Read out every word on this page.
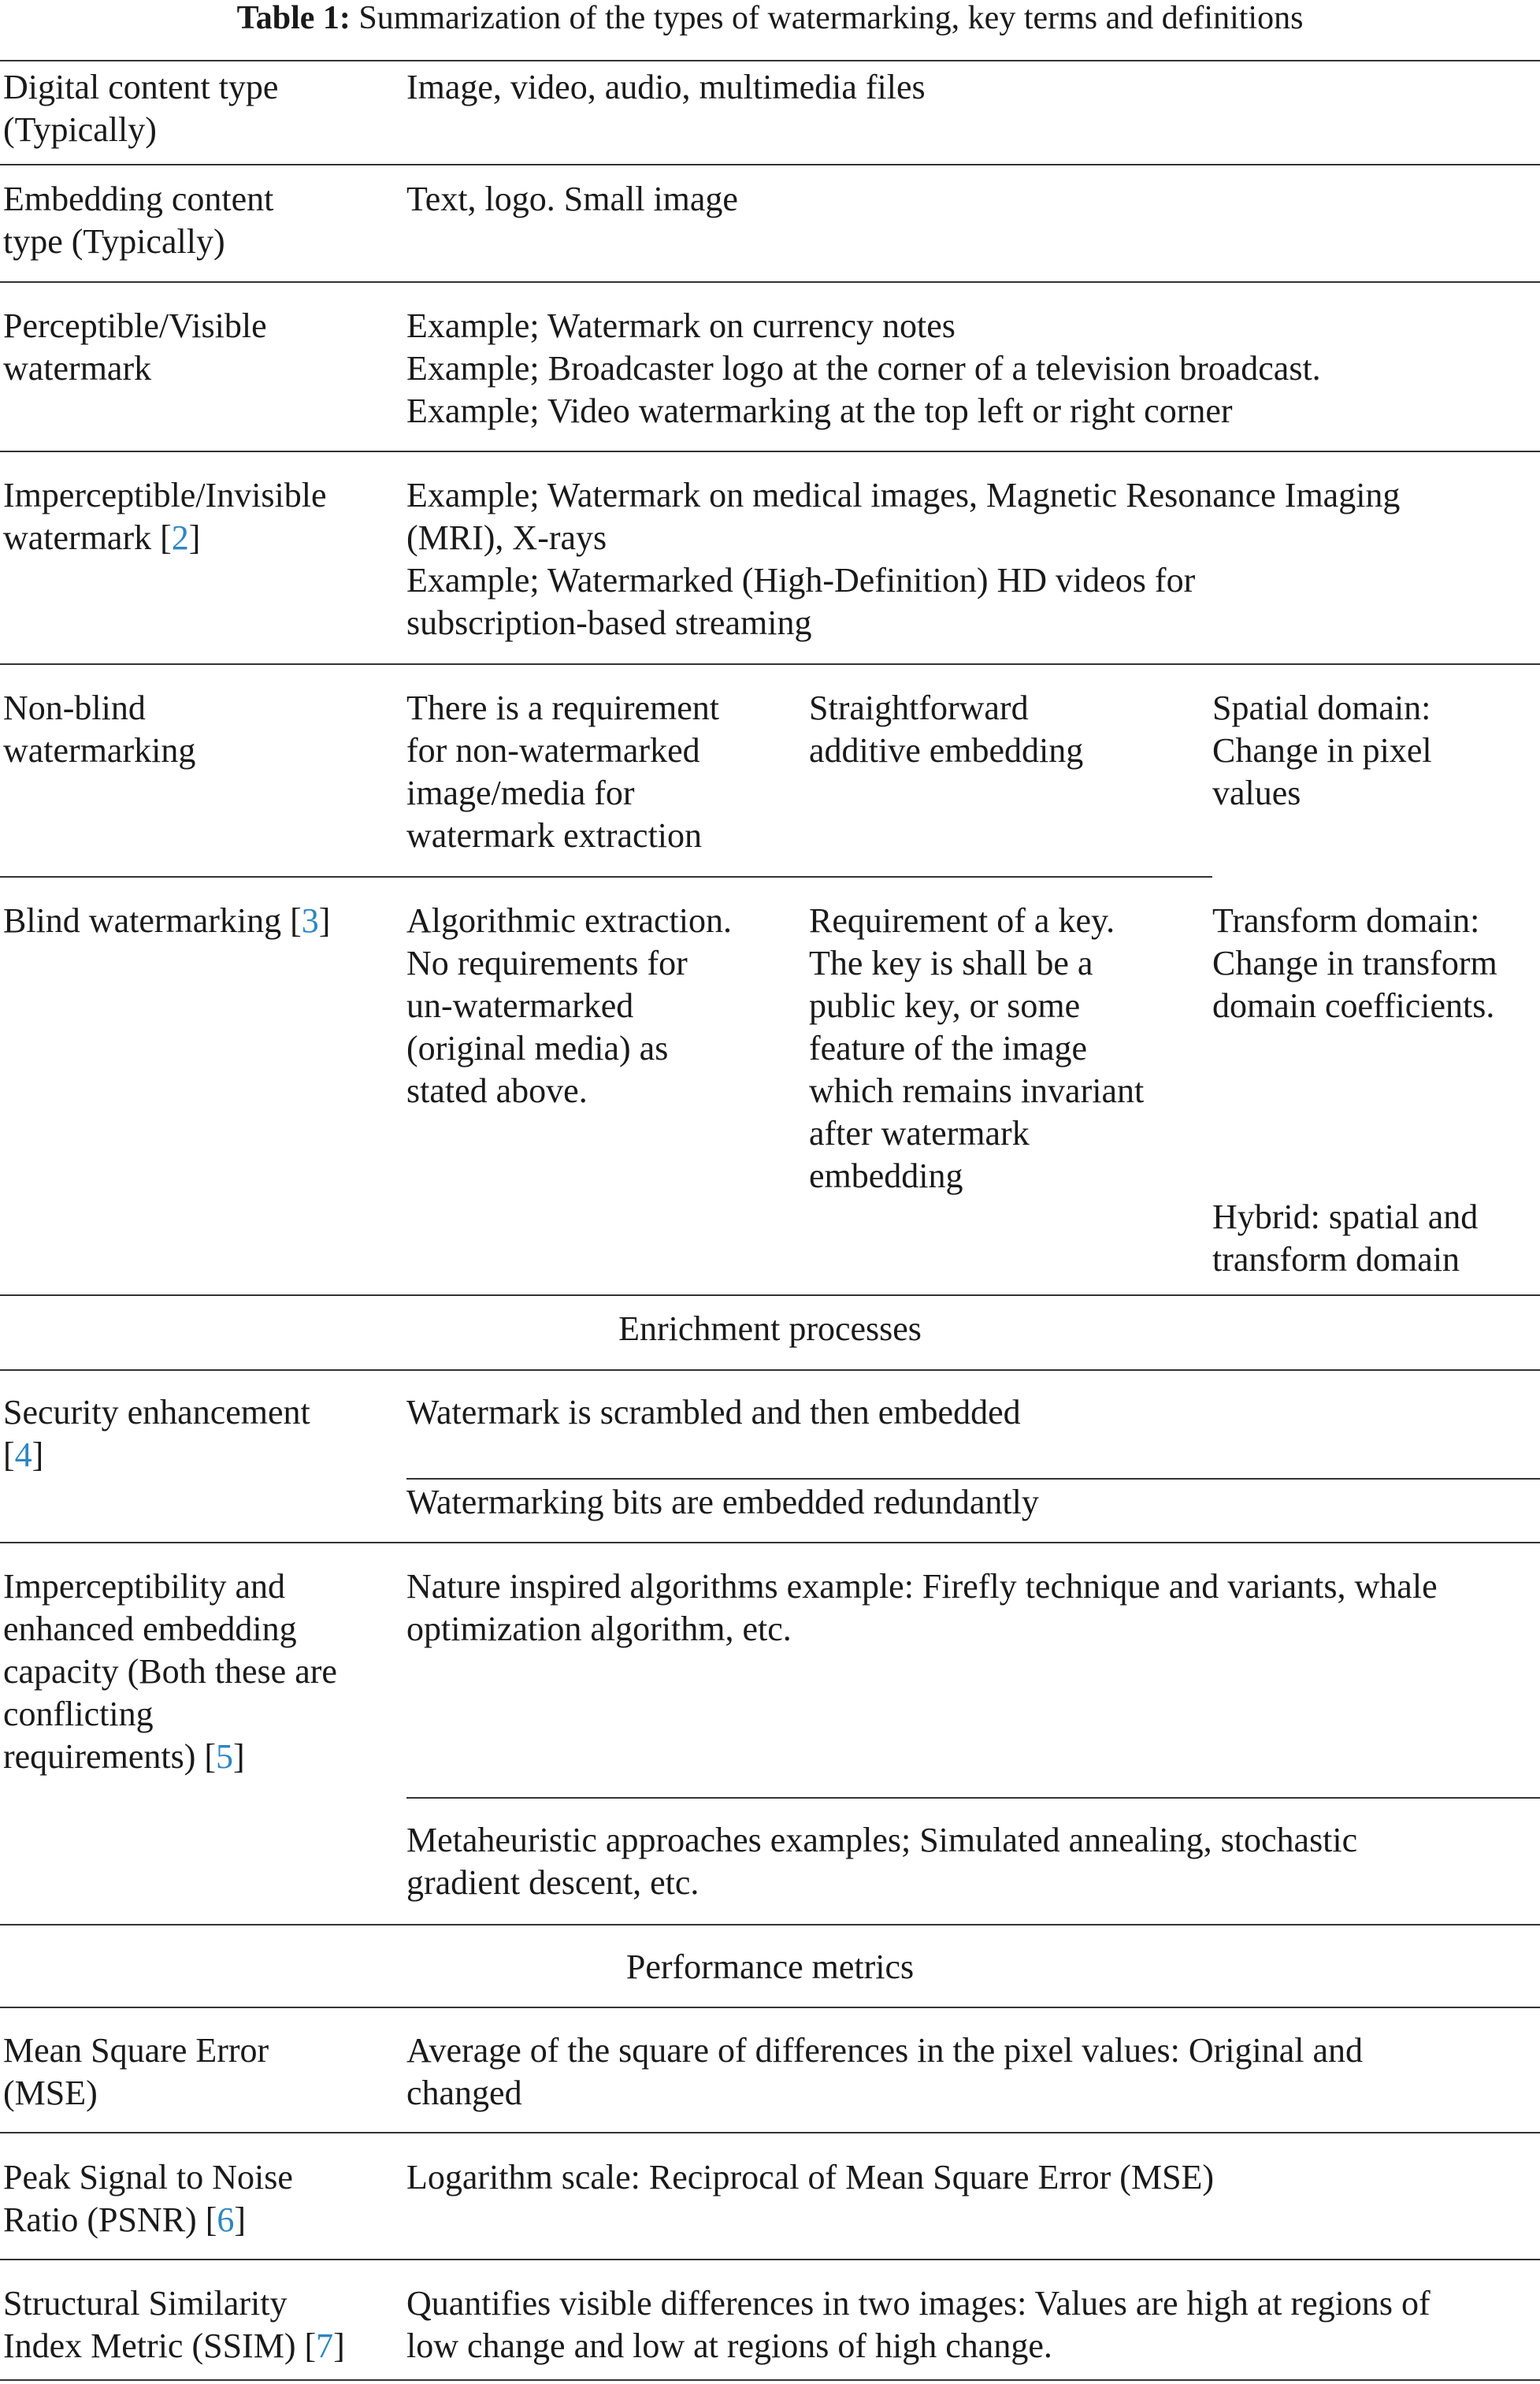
Table 1: Summarization of the types of watermarking, key terms and definitions
Digital content type
(Typically)
Image, video, audio, multimedia files
Embedding content
type (Typically)
Text, logo. Small image
Perceptible/Visible
watermark
Example; Watermark on currency notes
Example; Broadcaster logo at the corner of a television broadcast.
Example; Video watermarking at the top left or right corner
Imperceptible/Invisible
watermark [2]
Example; Watermark on medical images, Magnetic Resonance Imaging
(MRI), X-rays
Example; Watermarked (High-Definition) HD videos for
subscription-based streaming
Non-blind
watermarking
There is a requirement
for non-watermarked
image/media for
watermark extraction
Straightforward
additive embedding
Spatial domain:
Change in pixel
values
Blind watermarking [3] Algorithmic extraction.
No requirements for
un-watermarked
(original media) as
stated above.
Requirement of a key.
The key is shall be a
public key, or some
feature of the image
which remains invariant
after watermark
embedding
Transform domain:
Change in transform
domain coefficients.
Hybrid: spatial and
transform domain
Enrichment processes
Security enhancement
[4]
Watermark is scrambled and then embedded
Watermarking bits are embedded redundantly
Imperceptibility and
enhanced embedding
capacity (Both these are
conflicting
requirements) [5]
Nature inspired algorithms example: Firefly technique and variants, whale
optimization algorithm, etc.
Metaheuristic approaches examples; Simulated annealing, stochastic
gradient descent, etc.
Performance metrics
Mean Square Error
(MSE)
Average of the square of differences in the pixel values: Original and
changed
Peak Signal to Noise
Ratio (PSNR) [6]
Logarithm scale: Reciprocal of Mean Square Error (MSE)
Structural Similarity
Index Metric (SSIM) [7]
Quantifies visible differences in two images: Values are high at regions of
low change and low at regions of high change.
